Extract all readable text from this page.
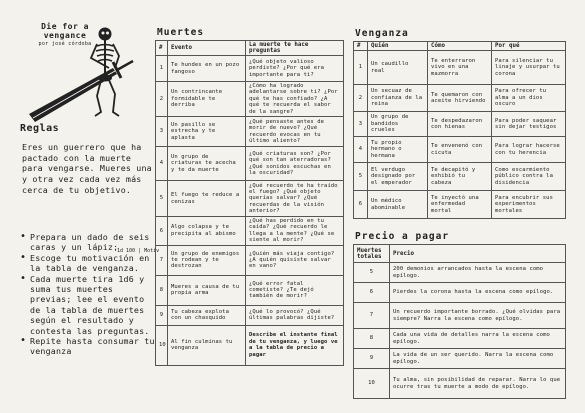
Die for a
vengance
por josé córdoba
Reglas
Eres un guerrero que ha pactado con la muerte para vengarse. Mueres una y otra vez cada vez más cerca de tu objetivo.
• Prepara un dado de seis caras y un lápiz;
• Escoge tu motivación en la tabla de venganza.
• Cada muerte tira 1d6 y suma tus muertes previas; lee el evento de la tabla de muertes según el resultado y contesta las preguntas.
• Repite hasta consumar tu venganza
1d 100 | Motív
Muertes
#	Evento	La muerte te hace preguntas
1	Te hundes en un pozo fangoso	¿Qué objeto valioso perdiste? ¿Por qué era importante para ti?
2	Un contrincante formidable te derriba	¿Cómo ha logrado adelantarse sobre ti? ¿Por qué te has confiado? ¿A qué te recuerda el sabor de la sangre?
3	Un pasillo se estrecha y te aplasta	¿Qué pensaste antes de morir de nuevo? ¿Qué recuerdo evocas en tu último aliento?
4	Un grupo de criaturas te acecha y te da muerte	¿Qué criaturas son? ¿Por qué son tan aterradoras? ¿Qué sonidos escuchas en la oscuridad?
5	El fuego te reduce a cenizas	¿Qué recuerdo te ha traído el fuego? ¿Qué objeto querías salvar? ¿Qué recuerdas de la visión anterior?
6	Algo colapsa y te precipita al abismo	¿Qué has perdido en tu caída? ¿Qué recuerdo le llega a la mente? ¿Qué se siente al morir?
7	Un grupo de enemigos te rodean y te destrozan	¿Quién más viaja contigo? ¿A quién quisiste salvar en vano?
8	Mueres a causa de tu propia arma	¿Qué error fatal cometiste? ¿Te dejó también de morir?
9	Tu cabeza explota con un chasquido	¿Qué lo provocó? ¿Qué últimas palabras dijiste?
10	Al fin culminas tu venganza	Describe el instante final de tu venganza, y luego ve a la tabla de precio a pagar
Venganza
#	Quién	Cómo	Por qué
1	Un caudillo real	Te enterraron vivo en una mazmorra	Para silenciar tu linaje y usurpar tu corona
2	Un secuaz de confianza de la reina	Te quemaron con aceite hirviendo	Para ofrecer tu alma a un dios oscuro
3	Un grupo de bandidos crueles	Te despedazaron con hienas	Para poder saquear sin dejar testigos
4	Tu propio hermano o hermana	Te envenenó con cicuta	Para lograr hacerse con tu herencia
5	El verdugo designado por el emperador	Te decapitó y exhibió tu cabeza	Como escarmiento público contra la disidencia
6	Un médico abominable	Te inyectó una enfermedad mortal	Para encubrir sus experimentos mortales
Precio a pagar
Muertes totales	Precio
5	200 demonios arrancados hasta la escena como epílogo.
6	Pierdes la corona hasta la escena como epílogo.
7	Un recuerdo importante borrado. ¿Qué olvidas para siempre? Narra la escena como epílogo.
8	Cada una vida de detalles narra la escena como epílogo.
9	La vida de un ser querido. Narra la escena como epílogo.
10	Tu alma, sin posibilidad de reparar. Narra lo que ocurre tras tu muerte a modo de epílogo.
